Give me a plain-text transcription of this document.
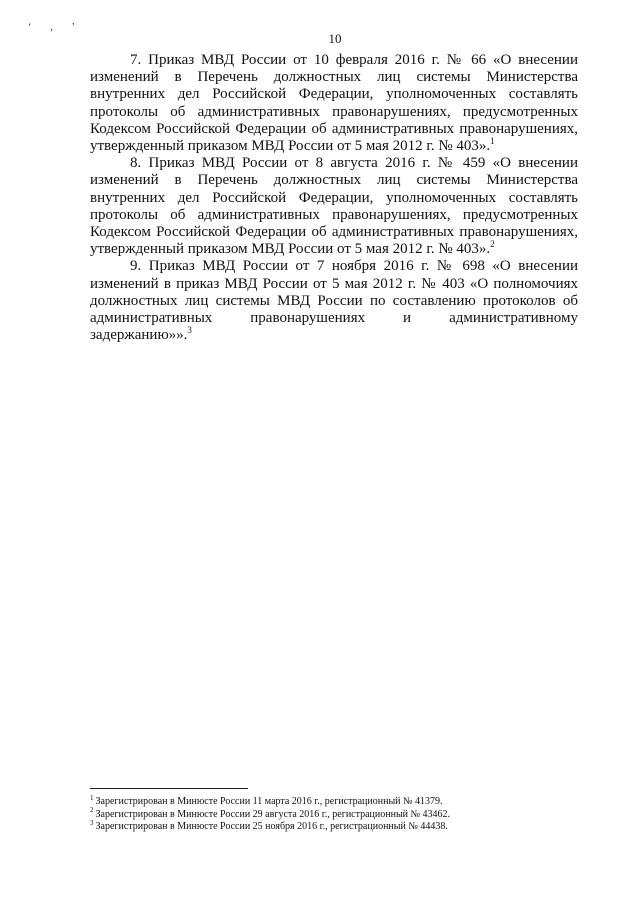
‘ ‚ ’
10

7. Приказ МВД России от 10 февраля 2016 г. № 66 «О внесении изменений в Перечень должностных лиц системы Министерства внутренних дел Российской Федерации, уполномоченных составлять протоколы об административных правонарушениях, предусмотренных Кодексом Российской Федерации об административных правонарушениях, утвержденный приказом МВД России от 5 мая 2012 г. № 403».$^1$

8. Приказ МВД России от 8 августа 2016 г. № 459 «О внесении изменений в Перечень должностных лиц системы Министерства внутренних дел Российской Федерации, уполномоченных составлять протоколы об административных правонарушениях, предусмотренных Кодексом Российской Федерации об административных правонарушениях, утвержденный приказом МВД России от 5 мая 2012 г. № 403».$^2$

9. Приказ МВД России от 7 ноября 2016 г. № 698 «О внесении изменений в приказ МВД России от 5 мая 2012 г. № 403 «О полномочиях должностных лиц системы МВД России по составлению протоколов об административных правонарушениях и административному задержанию»».$^3$

$^1$ Зарегистрирован в Минюсте России 11 марта 2016 г., регистрационный № 41379.

$^2$ Зарегистрирован в Минюсте России 29 августа 2016 г., регистрационный № 43462.

$^3$ Зарегистрирован в Минюсте России 25 ноября 2016 г., регистрационный № 44438.
